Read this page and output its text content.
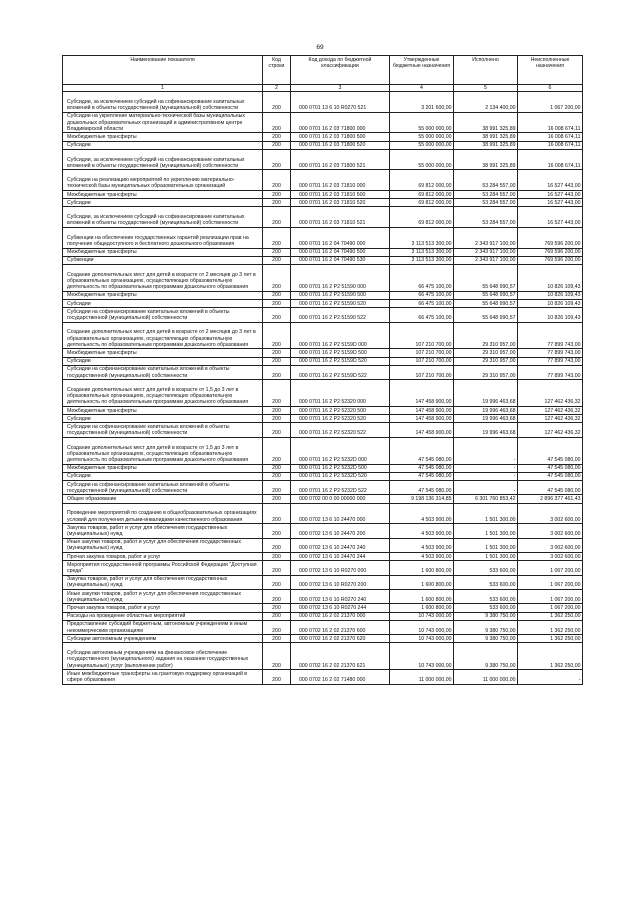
69
Наименование показателя	Код строки	Код дохода по бюджетной классификации	Утвержденные бюджетные назначения	Исполнено	Неисполненные назначения
1	2	3	4	5	6
Субсидии, за исключением субсидий на софинансирование капитальных вложений в объекты государственной (муниципальной) собственности	200	000 0701 13 6 10 R0270 521	3 201 600,00	2 134 400,00	1 067 200,00
Субсидии на укрепление материально-технической базы муниципальных дошкольных образовательных организаций в административном центре Владимирской области	200	000 0701 16 2 03 71800 000	55 000 000,00	38 991 325,89	16 008 674,11
Межбюджетные трансферты	200	000 0701 16 2 03 71800 500	55 000 000,00	38 991 325,89	16 008 674,11
Субсидии	200	000 0701 16 2 03 71800 520	55 000 000,00	38 991 325,89	16 008 674,11
Субсидии, за исключением субсидий на софинансирование капитальных вложений в объекты государственной (муниципальной) собственности	200	000 0701 16 2 03 71800 521	55 000 000,00	38 991 325,89	16 008 674,11
Субсидии на реализацию мероприятий по укреплению материально-технической базы муниципальных образовательных организаций	200	000 0701 16 2 03 71810 000	69 812 000,00	53 284 557,00	16 527 443,00
Межбюджетные трансферты	200	000 0701 16 2 03 71810 500	69 812 000,00	53 284 557,00	16 527 443,00
Субсидии	200	000 0701 16 2 03 71810 520	69 812 000,00	53 284 557,00	16 527 443,00
Субсидии, за исключением субсидий на софинансирование капитальных вложений в объекты государственной (муниципальной) собственности	200	000 0701 16 2 03 71810 521	69 812 000,00	53 284 557,00	16 527 443,00
Субвенции на обеспечение государственных гарантий реализации прав на получение общедоступного и бесплатного дошкольного образования	200	000 0701 16 2 04 70490 000	3 113 513 300,00	2 343 917 100,00	769 596 200,00
Межбюджетные трансферты	200	000 0701 16 2 04 70490 500	3 113 513 300,00	2 343 917 100,00	769 596 200,00
Субвенции	200	000 0701 16 2 04 70490 530	3 113 513 300,00	2 343 917 100,00	769 596 200,00
Создание дополнительных мест для детей в возрасте от 2 месяцев до 3 лет в образовательных организациях, осуществляющих образовательную деятельность по образовательным программам дошкольного образования	200	000 0701 16 2 P2 51590 000	66 475 100,00	55 648 990,57	10 826 109,43
Межбюджетные трансферты	200	000 0701 16 2 P2 51590 500	66 475 100,00	55 648 990,57	10 826 109,43
Субсидии	200	000 0701 16 2 P2 51590 520	66 475 100,00	55 648 990,57	10 826 109,43
Субсидии на софинансирование капитальных вложений в объекты государственной (муниципальной) собственности	200	000 0701 16 2 P2 51590 522	66 475 100,00	55 648 990,57	10 826 109,43
Создание дополнительных мест для детей в возрасте от 2 месяцев до 3 лет в образовательных организациях, осуществляющих образовательную деятельность по образовательным программам дошкольного образования	200	000 0701 16 2 P2 5159D 000	107 210 700,00	29 310 957,00	77 899 743,00
Межбюджетные трансферты	200	000 0701 16 2 P2 5159D 500	107 210 700,00	29 310 957,00	77 899 743,00
Субсидии	200	000 0701 16 2 P2 5159D 520	107 210 700,00	29 310 957,00	77 899 743,00
Субсидии на софинансирование капитальных вложений в объекты государственной (муниципальной) собственности	200	000 0701 16 2 P2 5159D 522	107 210 700,00	29 310 957,00	77 899 743,00
Создание дополнительных мест для детей в возрасте от 1,5 до 3 лет в образовательных организациях, осуществляющих образовательную деятельность по образовательным программам дошкольного образования	200	000 0701 16 2 P2 52320 000	147 458 900,00	19 996 463,68	127 462 436,32
Межбюджетные трансферты	200	000 0701 16 2 P2 52320 500	147 458 900,00	19 996 463,68	127 462 436,32
Субсидии	200	000 0701 16 2 P2 52320 520	147 458 900,00	19 996 463,68	127 462 436,32
Субсидии на софинансирование капитальных вложений в объекты государственной (муниципальной) собственности	200	000 0701 16 2 P2 52320 522	147 458 900,00	19 996 463,68	127 462 436,32
Создание дополнительных мест для детей в возрасте от 1,5 до 3 лет в образовательных организациях, осуществляющих образовательную деятельность по образовательным программам дошкольного образования	200	000 0701 16 2 P2 5232D 000	47 545 080,00	-	47 545 080,00
Межбюджетные трансферты	200	000 0701 16 2 P2 5232D 500	47 545 080,00	-	47 545 080,00
Субсидии	200	000 0701 16 2 P2 5232D 520	47 545 080,00	-	47 545 080,00
Субсидии на софинансирование капитальных вложений в объекты государственной (муниципальной) собственности	200	000 0701 16 2 P2 5232D 522	47 545 080,00	-	47 545 080,00
Общее образование	200	000 0702 00 0 00 00000 000	9 198 136 314,85	6 301 760 853,42	2 896 377 461,43
Проведение мероприятий по созданию в общеобразовательных организациях условий для получения детьми-инвалидами качественного образования	200	000 0702 13 6 10 24470 000	4 503 900,00	1 501 300,00	3 002 600,00
Закупка товаров, работ и услуг для обеспечения государственных (муниципальных) нужд	200	000 0702 13 6 10 24470 200	4 503 900,00	1 501 300,00	3 002 600,00
Иные закупки товаров, работ и услуг для обеспечения государственных (муниципальных) нужд	200	000 0702 13 6 10 24470 240	4 503 900,00	1 501 300,00	3 002 600,00
Прочая закупка товаров, работ и услуг	200	000 0702 13 6 10 24470 244	4 503 900,00	1 501 300,00	3 002 600,00
Мероприятия государственной программы Российской Федерации "Доступная среда"	200	000 0702 13 6 10 R0270 000	1 600 800,00	533 600,00	1 067 200,00
Закупка товаров, работ и услуг для обеспечения государственных (муниципальных) нужд	200	000 0702 13 6 10 R0270 200	1 600 800,00	533 600,00	1 067 200,00
Иные закупки товаров, работ и услуг для обеспечения государственных (муниципальных) нужд	200	000 0702 13 6 10 R0270 240	1 600 800,00	533 600,00	1 067 200,00
Прочая закупка товаров, работ и услуг	200	000 0702 13 6 10 R0270 244	1 600 800,00	533 600,00	1 067 200,00
Расходы на проведение областных мероприятий	200	000 0702 16 2 02 21370 000	10 743 000,00	9 380 750,00	1 362 250,00
Предоставление субсидий бюджетным, автономным учреждениям и иным некоммерческим организациям	200	000 0702 16 2 02 21370 600	10 743 000,00	9 380 750,00	1 362 250,00
Субсидии автономным учреждениям	200	000 0702 16 2 02 21370 620	10 743 000,00	9 380 750,00	1 362 250,00
Субсидии автономным учреждениям на финансовое обеспечение государственного (муниципального) задания на оказание государственных (муниципальных) услуг (выполнение работ)	200	000 0702 16 2 02 21370 621	10 743 000,00	9 380 750,00	1 362 250,00
Иные межбюджетные трансферты на грантовую поддержку организаций в сфере образования	200	000 0702 16 2 02 71480 000	11 000 000,00	11 000 000,00	-
